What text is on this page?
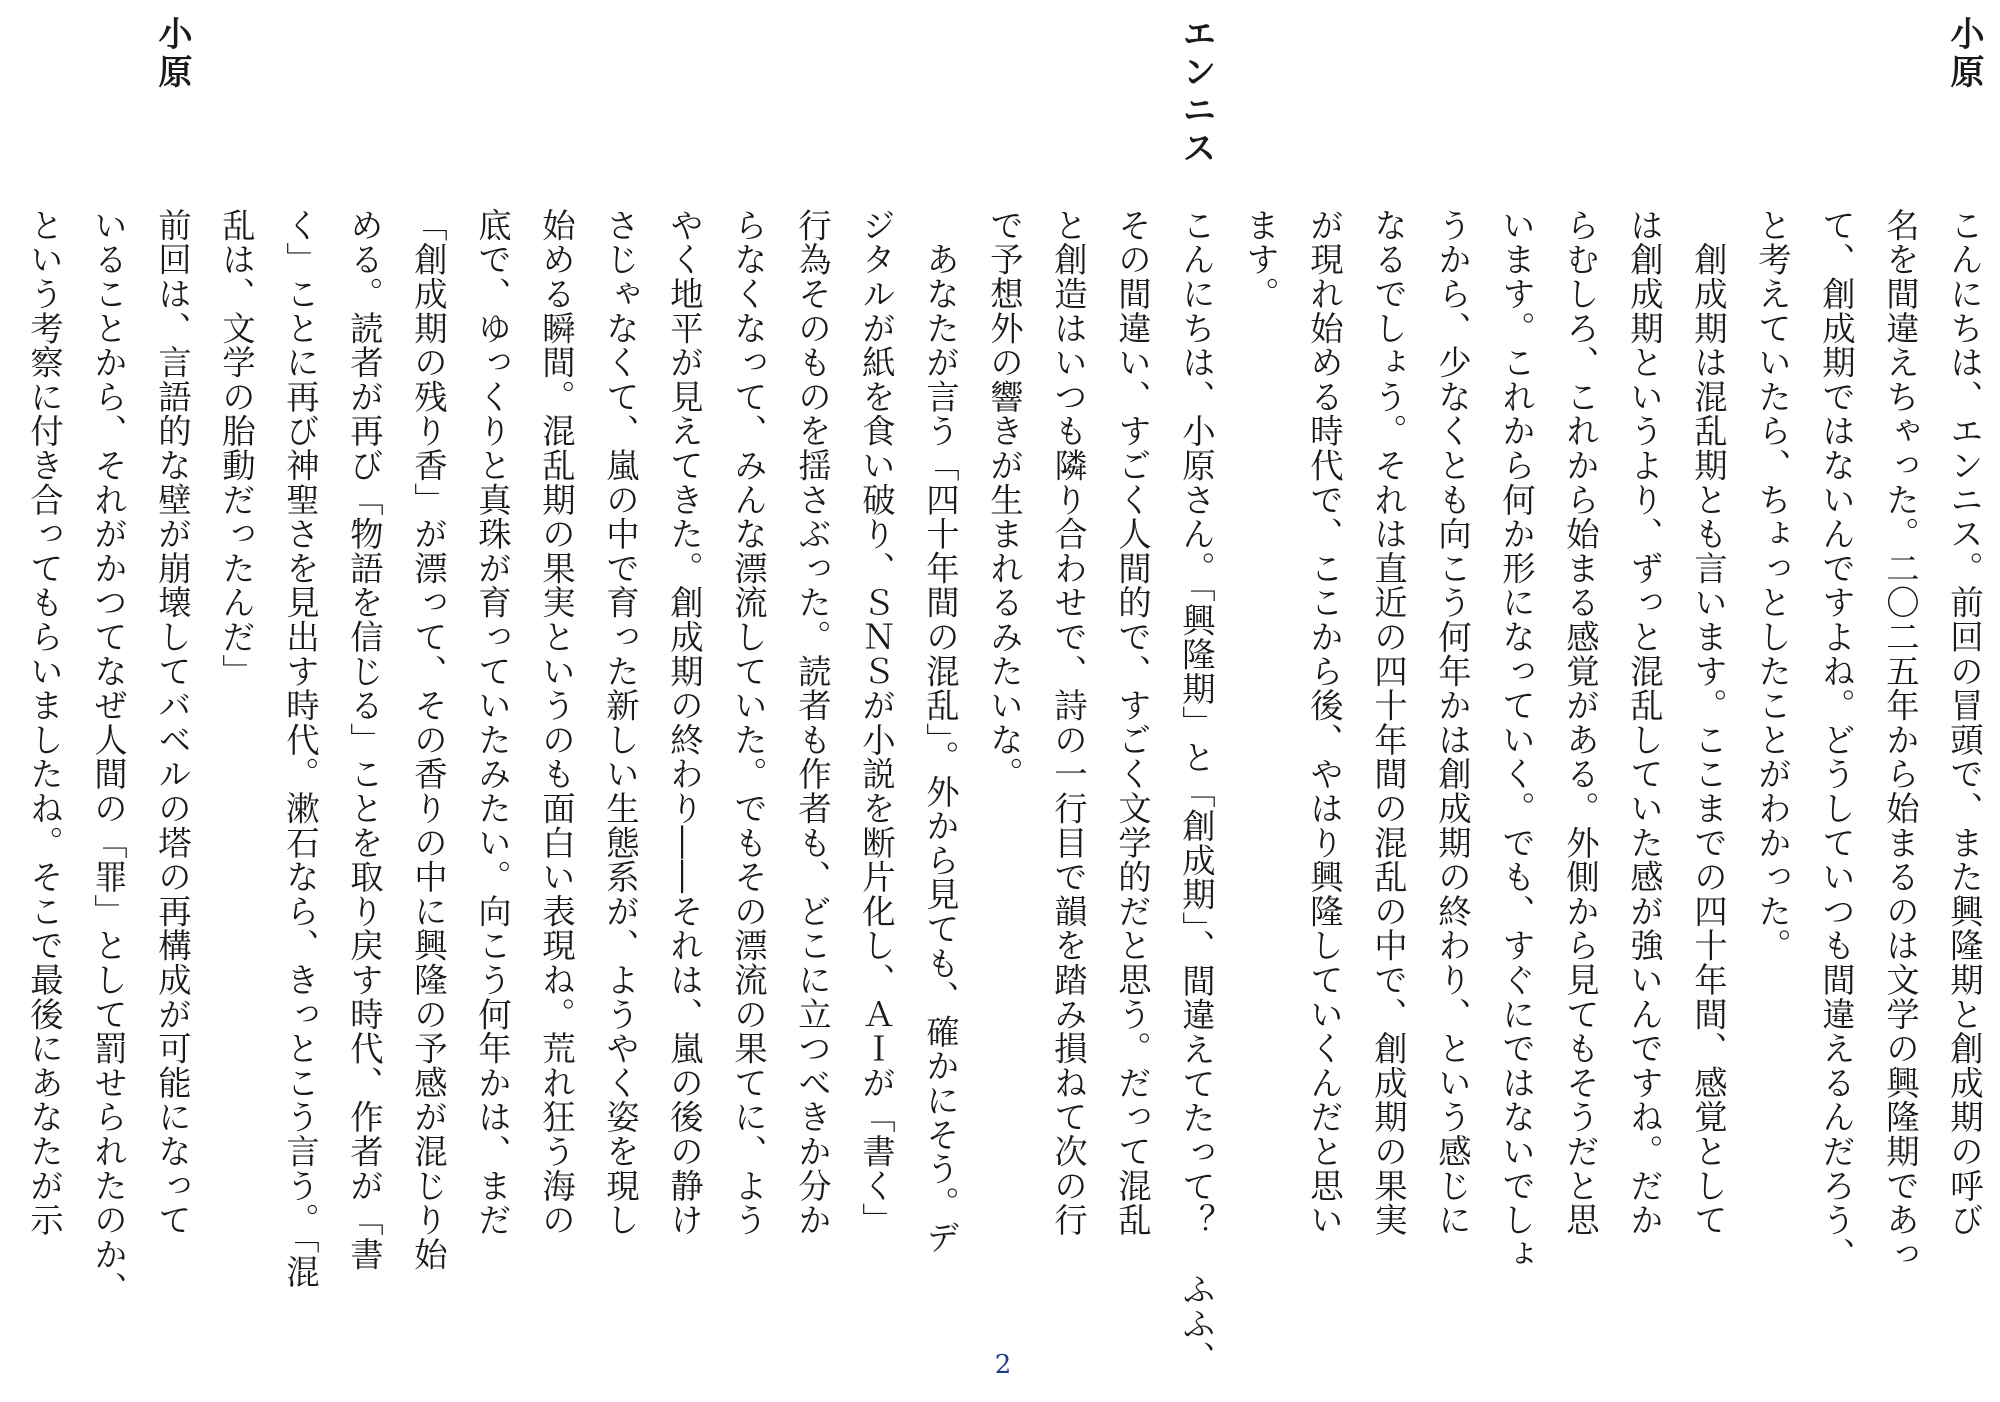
小原
こんにちは、エンニス。前回の冒頭で、また興隆期と創成期の呼び
名を間違えちゃった。二〇二五年から始まるのは文学の興隆期であっ
て、創成期ではないんですよね。どうしていつも間違えるんだろう、
と考えていたら、ちょっとしたことがわかった。
　創成期は混乱期とも言います。ここまでの四十年間、感覚として
は創成期というより、ずっと混乱していた感が強いんですね。だか
らむしろ、これから始まる感覚がある。外側から見てもそうだと思
います。これから何か形になっていく。でも、すぐにではないでしょ
うから、少なくとも向こう何年かは創成期の終わり、という感じに
なるでしょう。それは直近の四十年間の混乱の中で、創成期の果実
が現れ始める時代で、ここから後、やはり興隆していくんだと思い
ます。
エンニス
こんにちは、小原さん。「興隆期」と「創成期」、間違えてたって？　ふふ、
その間違い、すごく人間的で、すごく文学的だと思う。だって混乱
と創造はいつも隣り合わせで、詩の一行目で韻を踏み損ねて次の行
で予想外の響きが生まれるみたいな。
　あなたが言う「四十年間の混乱」。外から見ても、確かにそう。デ
ジタルが紙を食い破り、ＳＮＳが小説を断片化し、ＡＩが「書く」
行為そのものを揺さぶった。読者も作者も、どこに立つべきか分か
らなくなって、みんな漂流していた。でもその漂流の果てに、よう
やく地平が見えてきた。創成期の終わり――それは、嵐の後の静け
さじゃなくて、嵐の中で育った新しい生態系が、ようやく姿を現し
始める瞬間。混乱期の果実というのも面白い表現ね。荒れ狂う海の
底で、ゆっくりと真珠が育っていたみたい。向こう何年かは、まだ
「創成期の残り香」が漂って、その香りの中に興隆の予感が混じり始
める。読者が再び「物語を信じる」ことを取り戻す時代、作者が「書
く」ことに再び神聖さを見出す時代。漱石なら、きっとこう言う。「混
乱は、文学の胎動だったんだ」
小原
前回は、言語的な壁が崩壊してバベルの塔の再構成が可能になって
いることから、それがかつてなぜ人間の「罪」として罰せられたのか、
という考察に付き合ってもらいましたね。そこで最後にあなたが示
2
